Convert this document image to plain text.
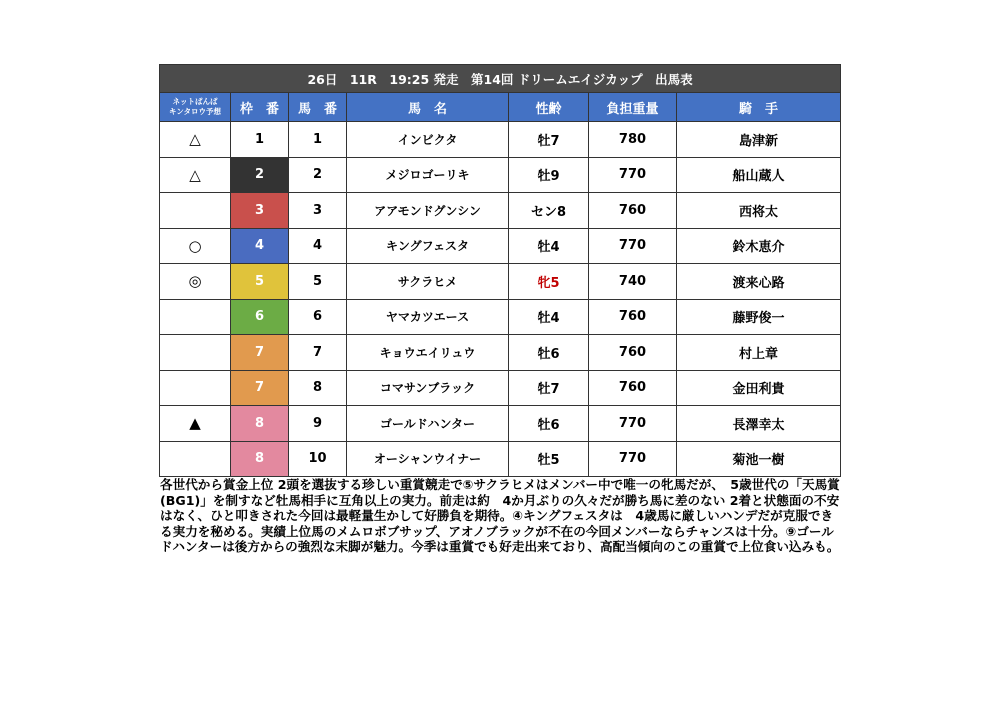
26日　11R　19:25 発走　第14回 ドリームエイジカップ　出馬表						
ネットぱんぱ
キンタロウ予想	枠　番	馬　番	馬　名	性齢	負担重量	騎　手
△	1	1	インビクタ	牡7	780	島津新
△	2	2	メジロゴーリキ	牡9	770	船山蔵人
	3	3	アアモンドグンシン	セン8	760	西将太
○	4	4	キングフェスタ	牡4	770	鈴木恵介
◎	5	5	サクラヒメ	牝5	740	渡来心路
	6	6	ヤマカツエース	牡4	760	藤野俊一
	7	7	キョウエイリュウ	牡6	760	村上章
	7	8	コマサンブラック	牡7	760	金田利貴
▲	8	9	ゴールドハンター	牡6	770	長澤幸太
	8	10	オーシャンウイナー	牡5	770	菊池一樹

各世代から賞金上位 2頭を選抜する珍しい重賞競走で⑤サクラヒメはメンバー中で唯一の牝馬だが、　5歳世代の「天馬賞(BG1)」を制すなど牡馬相手に互角以上の実力。前走は約　4か月ぶりの久々だが勝ち馬に差のない 2着と状態面の不安はなく、ひと叩きされた今回は最軽量生かして好勝負を期待。④キングフェスタは　4歳馬に厳しいハンデだが克服できる実力を秘める。実績上位馬のメムロボブサップ、アオノブラックが不在の今回メンバーならチャンスは十分。⑨ゴールドハンターは後方からの強烈な末脚が魅力。今季は重賞でも好走出来ており、高配当傾向のこの重賞で上位食い込みも。
